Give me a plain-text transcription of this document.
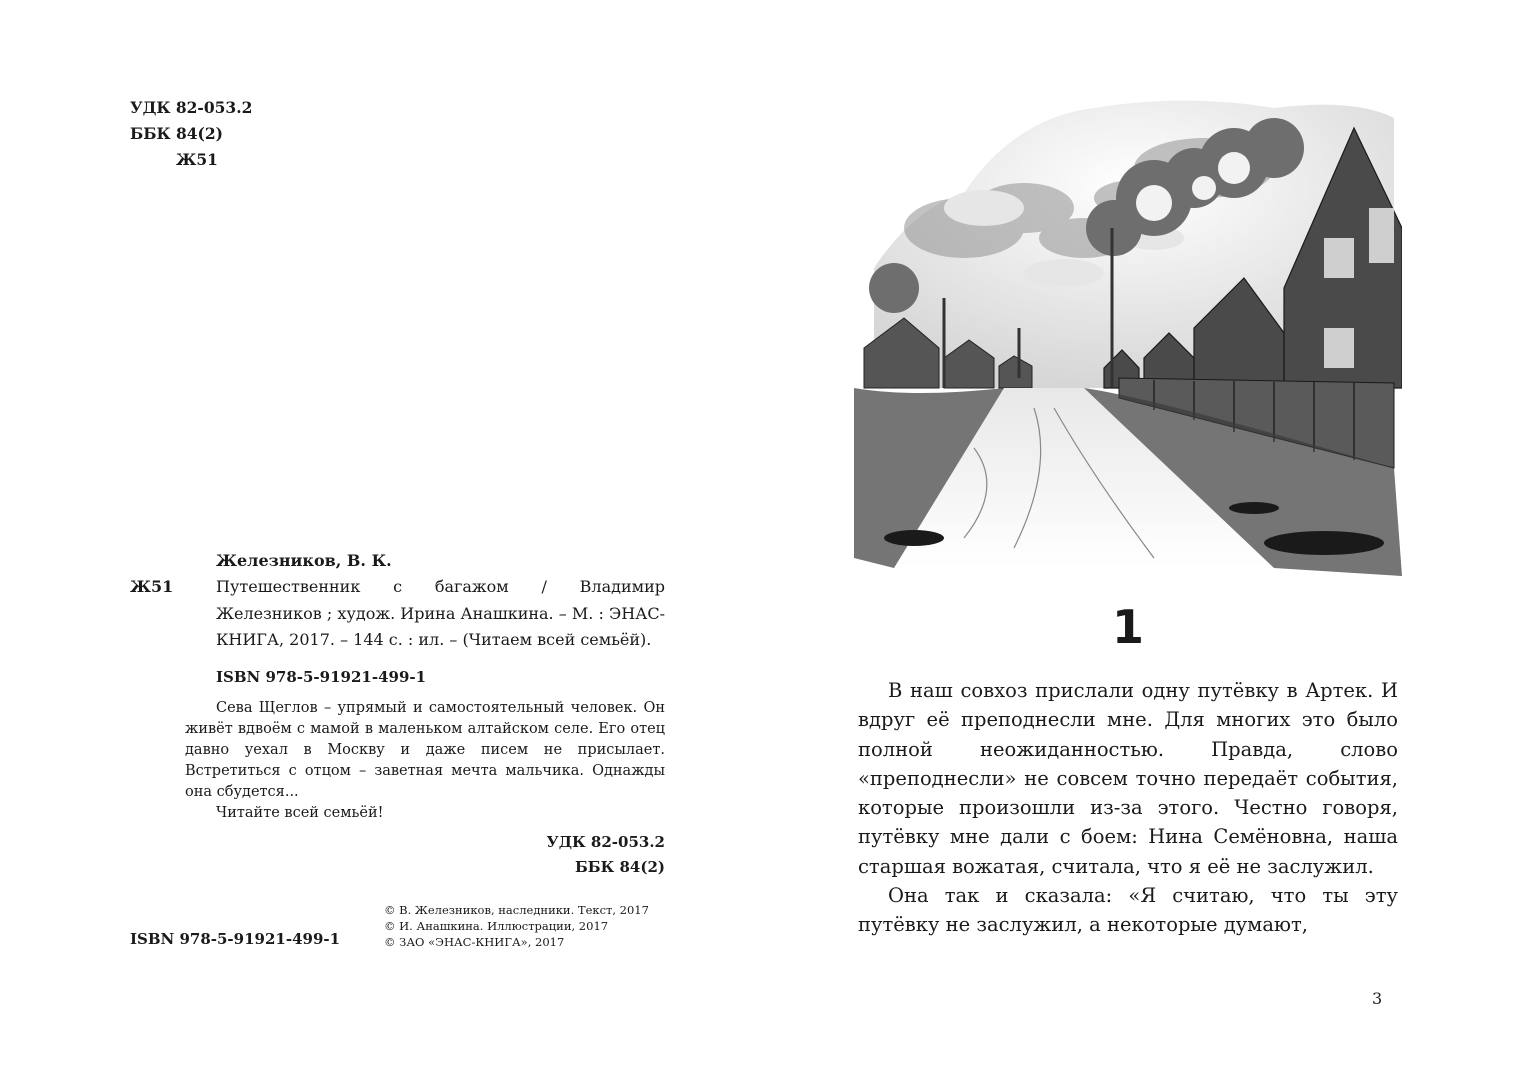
УДК 82-053.2
ББК 84(2)
Ж51
Железников, В. К.
Ж51	Путешественник с багажом / Владимир Железников ; худож. Ирина Анашкина. – М. : ЭНАС-КНИГА, 2017. – 144 с. : ил. – (Читаем всей семьёй).
ISBN 978-5-91921-499-1

Сева Щеглов – упрямый и самостоятельный человек. Он живёт вдвоём с мамой в маленьком алтайском селе. Его отец давно уехал в Москву и даже писем не присылает. Встретиться с отцом – заветная мечта мальчика. Однажды она сбудется...

Читайте всей семьёй!

УДК 82-053.2
ББК 84(2)
© В. Железников, наследники. Текст, 2017
© И. Анашкина. Иллюстрации, 2017
© ЗАО «ЭНАС-КНИГА», 2017
ISBN 978-5-91921-499-1
1

В наш совхоз прислали одну путёвку в Артек. И вдруг её преподнесли мне. Для многих это было полной неожиданностью. Правда, слово «преподнесли» не совсем точно передаёт события, которые произошли из-за этого. Честно говоря, путёвку мне дали с боем: Нина Семёновна, наша старшая вожатая, считала, что я её не заслужил.

Она так и сказала: «Я считаю, что ты эту путёвку не заслужил, а некоторые думают,

3
